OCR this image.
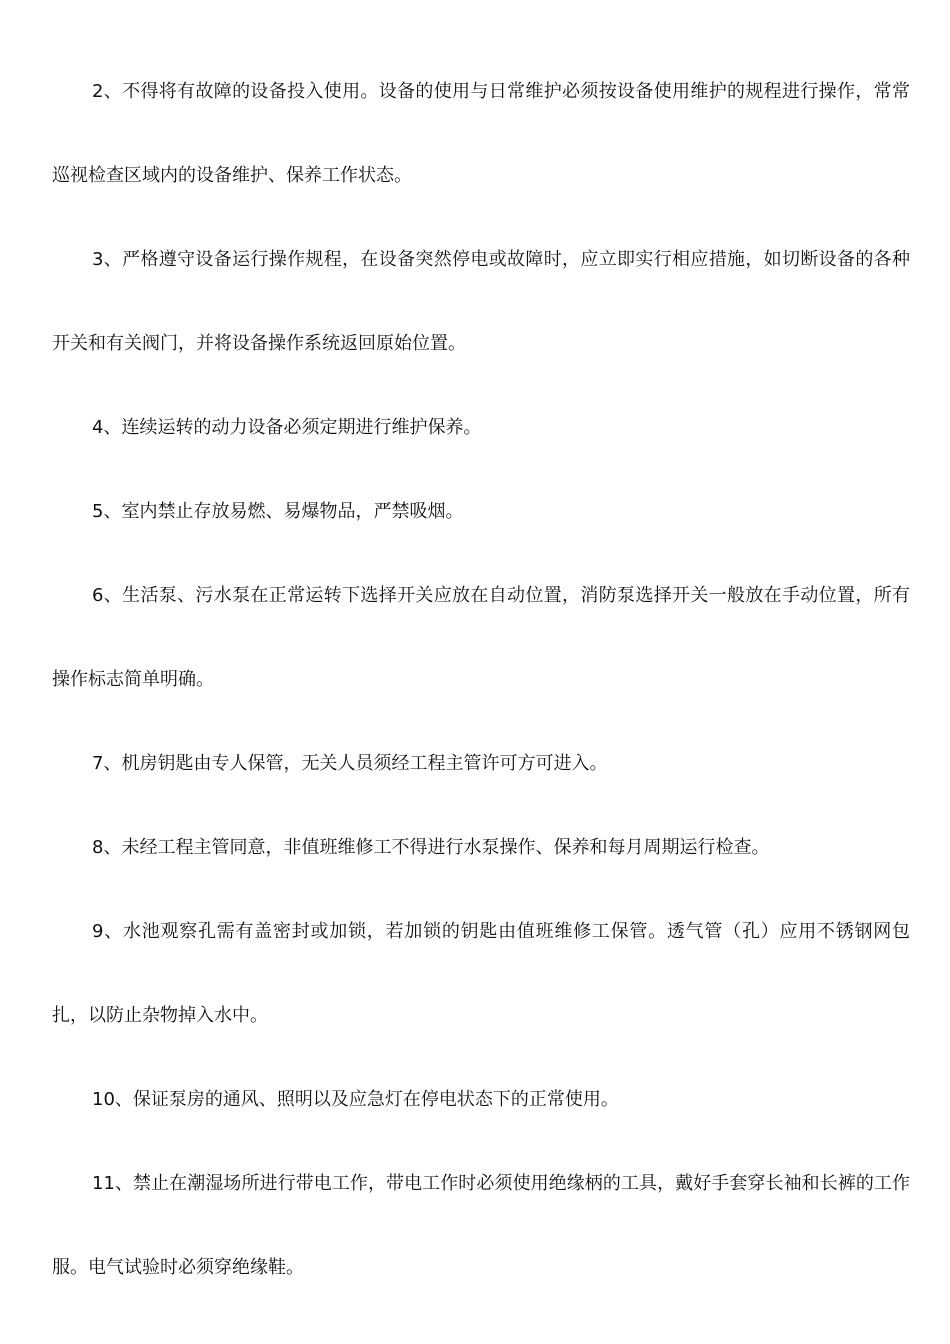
2、不得将有故障的设备投入使用。设备的使用与日常维护必须按设备使用维护的规程进行操作，常常巡视检查区域内的设备维护、保养工作状态。

3、严格遵守设备运行操作规程，在设备突然停电或故障时，应立即实行相应措施，如切断设备的各种开关和有关阀门，并将设备操作系统返回原始位置。

4、连续运转的动力设备必须定期进行维护保养。

5、室内禁止存放易燃、易爆物品，严禁吸烟。

6、生活泵、污水泵在正常运转下选择开关应放在自动位置，消防泵选择开关一般放在手动位置，所有操作标志简单明确。

7、机房钥匙由专人保管，无关人员须经工程主管许可方可进入。

8、未经工程主管同意，非值班维修工不得进行水泵操作、保养和每月周期运行检查。

9、水池观察孔需有盖密封或加锁，若加锁的钥匙由值班维修工保管。透气管（孔）应用不锈钢网包扎，以防止杂物掉入水中。

10、保证泵房的通风、照明以及应急灯在停电状态下的正常使用。

11、禁止在潮湿场所进行带电工作，带电工作时必须使用绝缘柄的工具，戴好手套穿长袖和长裤的工作服。电气试验时必须穿绝缘鞋。
